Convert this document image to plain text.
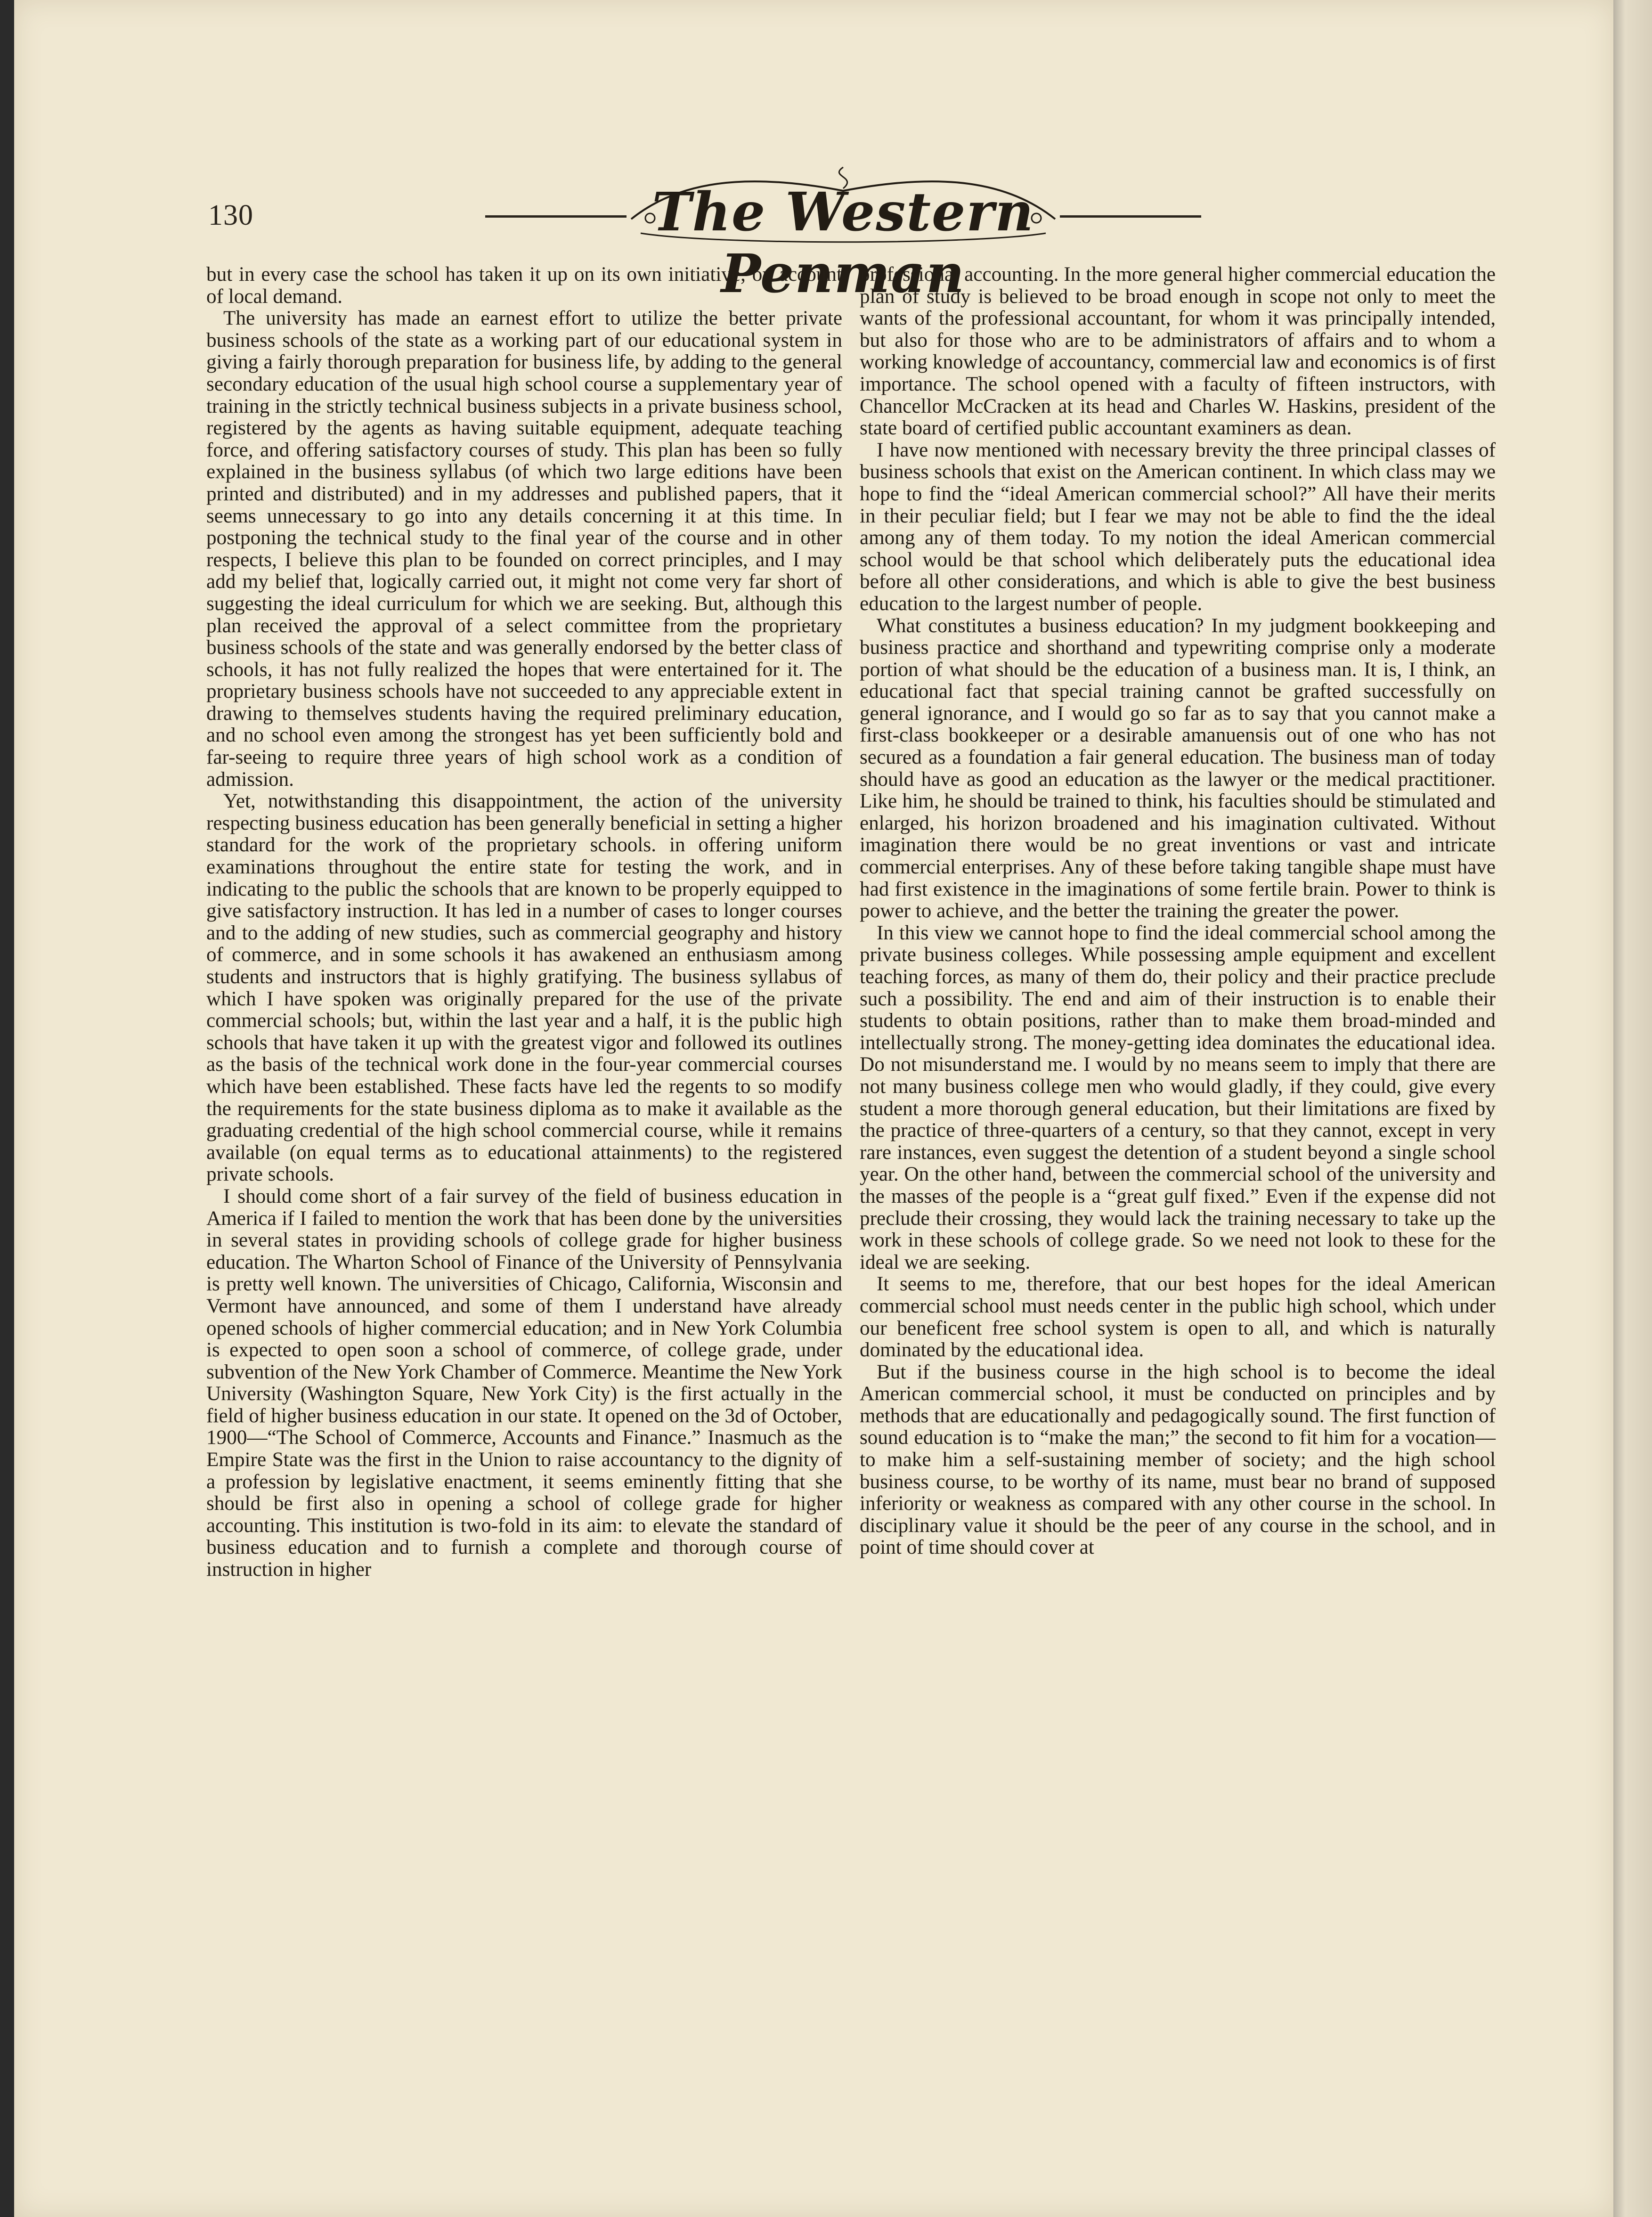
130	The Western Penman

but in every case the school has taken it up on its own initiative, on account of local demand.

The university has made an earnest effort to utilize the better private business schools of the state as a working part of our educational system in giving a fairly thorough preparation for business life, by adding to the general secondary education of the usual high school course a supplementary year of training in the strictly technical business subjects in a private business school, registered by the agents as having suitable equipment, adequate teaching force, and offering satisfactory courses of study. This plan has been so fully explained in the business syllabus (of which two large editions have been printed and distributed) and in my addresses and published papers, that it seems unnecessary to go into any details concerning it at this time. In postponing the technical study to the final year of the course and in other respects, I believe this plan to be founded on correct principles, and I may add my belief that, logically carried out, it might not come very far short of suggesting the ideal curriculum for which we are seeking. But, although this plan received the approval of a select committee from the proprietary business schools of the state and was generally endorsed by the better class of schools, it has not fully realized the hopes that were entertained for it. The proprietary business schools have not succeeded to any appreciable extent in drawing to themselves students having the required preliminary education, and no school even among the strongest has yet been sufficiently bold and far-seeing to require three years of high school work as a condition of admission.

Yet, notwithstanding this disappointment, the action of the university respecting business education has been generally beneficial in setting a higher standard for the work of the proprietary schools. in offering uniform examinations throughout the entire state for testing the work, and in indicating to the public the schools that are known to be properly equipped to give satisfactory instruction. It has led in a number of cases to longer courses and to the adding of new studies, such as commercial geography and history of commerce, and in some schools it has awakened an enthusiasm among students and instructors that is highly gratifying. The business syllabus of which I have spoken was originally prepared for the use of the private commercial schools; but, within the last year and a half, it is the public high schools that have taken it up with the greatest vigor and followed its outlines as the basis of the technical work done in the four-year commercial courses which have been established. These facts have led the regents to so modify the requirements for the state business diploma as to make it available as the graduating credential of the high school commercial course, while it remains available (on equal terms as to educational attainments) to the registered private schools.

I should come short of a fair survey of the field of business education in America if I failed to mention the work that has been done by the universities in several states in providing schools of college grade for higher business education. The Wharton School of Finance of the University of Pennsylvania is pretty well known. The universities of Chicago, California, Wisconsin and Vermont have announced, and some of them I understand have already opened schools of higher commercial education; and in New York Columbia is expected to open soon a school of commerce, of college grade, under subvention of the New York Chamber of Commerce. Meantime the New York University (Washington Square, New York City) is the first actually in the field of higher business education in our state. It opened on the 3d of October, 1900—“The School of Commerce, Accounts and Finance.” Inasmuch as the Empire State was the first in the Union to raise accountancy to the dignity of a profession by legislative enactment, it seems eminently fitting that she should be first also in opening a school of college grade for higher accounting. This institution is two-fold in its aim: to elevate the standard of business education and to furnish a complete and thorough course of instruction in higher

professional accounting. In the more general higher commercial education the plan of study is believed to be broad enough in scope not only to meet the wants of the professional accountant, for whom it was principally intended, but also for those who are to be administrators of affairs and to whom a working knowledge of accountancy, commercial law and economics is of first importance. The school opened with a faculty of fifteen instructors, with Chancellor McCracken at its head and Charles W. Haskins, president of the state board of certified public accountant examiners as dean.

I have now mentioned with necessary brevity the three principal classes of business schools that exist on the American continent. In which class may we hope to find the “ideal American commercial school?” All have their merits in their peculiar field; but I fear we may not be able to find the the ideal among any of them today. To my notion the ideal American commercial school would be that school which deliberately puts the educational idea before all other considerations, and which is able to give the best business education to the largest number of people.

What constitutes a business education? In my judgment bookkeeping and business practice and shorthand and typewriting comprise only a moderate portion of what should be the education of a business man. It is, I think, an educational fact that special training cannot be grafted successfully on general ignorance, and I would go so far as to say that you cannot make a first-class bookkeeper or a desirable amanuensis out of one who has not secured as a foundation a fair general education. The business man of today should have as good an education as the lawyer or the medical practitioner. Like him, he should be trained to think, his faculties should be stimulated and enlarged, his horizon broadened and his imagination cultivated. Without imagination there would be no great inventions or vast and intricate commercial enterprises. Any of these before taking tangible shape must have had first existence in the imaginations of some fertile brain. Power to think is power to achieve, and the better the training the greater the power.

In this view we cannot hope to find the ideal commercial school among the private business colleges. While possessing ample equipment and excellent teaching forces, as many of them do, their policy and their practice preclude such a possibility. The end and aim of their instruction is to enable their students to obtain positions, rather than to make them broad-minded and intellectually strong. The money-getting idea dominates the educational idea. Do not misunderstand me. I would by no means seem to imply that there are not many business college men who would gladly, if they could, give every student a more thorough general education, but their limitations are fixed by the practice of three-quarters of a century, so that they cannot, except in very rare instances, even suggest the detention of a student beyond a single school year. On the other hand, between the commercial school of the university and the masses of the people is a “great gulf fixed.” Even if the expense did not preclude their crossing, they would lack the training necessary to take up the work in these schools of college grade. So we need not look to these for the ideal we are seeking.

It seems to me, therefore, that our best hopes for the ideal American commercial school must needs center in the public high school, which under our beneficent free school system is open to all, and which is naturally dominated by the educational idea.

But if the business course in the high school is to become the ideal American commercial school, it must be conducted on principles and by methods that are educationally and pedagogically sound. The first function of sound education is to “make the man;” the second to fit him for a vocation—to make him a self-sustaining member of society; and the high school business course, to be worthy of its name, must bear no brand of supposed inferiority or weakness as compared with any other course in the school. In disciplinary value it should be the peer of any course in the school, and in point of time should cover at
